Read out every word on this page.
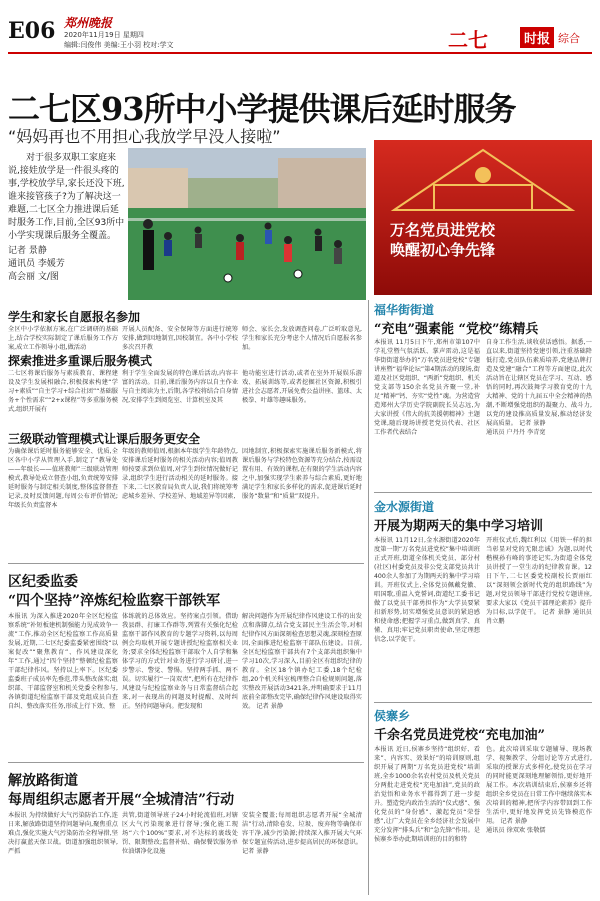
E06 郑州晚报
2020年11月19日 星期四
编辑:闫俊伟 美编:王小羽 校对:学文	二七	时报 综合
二七区93所中小学提供课后延时服务
“妈妈再也不用担心我放学早没人接啦”
对于很多双职工家庭来说,接娃放学是一件很头疼的事,学校放学早,家长还没下班,谁来接管孩子?为了解决这一难题,二七区全力推进课后延时服务工作,目前,全区93所中小学实现课后服务全覆盖。
记者 景静
通讯员 李媛芳
高会丽 文/图
万名党员进党校
唤醒初心争先锋
学生和家长自愿报名参加
全区中小学依据方案,在广泛调研的基础上,结合学校实际制定了课后服务工作方案,成立工作领导小组,做活动
开展人员配备、安全保障等方面进行统筹安排,做到因地制宜,因校制宜。各中小学校多次召开教
师会、家长会,发放调查问卷,广泛听取意见,学生和家长充分考虑个人情况后自愿报名参加。
探索推进多重课后服务模式
二七区将课后服务与素质教育、课程建设及学生发展相融合,积极探索构建“学习+素质”“自主学习+综合社团”“基础服务+个性需求”“2+x课程”等多重服务模式,组织开展有
利于学生全面发展的特色课后活动,内容丰富的活动。目前,课后服务内容以自主作业与自主阅读为主,后期,各学校将结合自身情况,安排学生到阅览室、计算机室及其
他功能室进行活动,或者在室外开展娱乐游戏、拓展训练等,或者挖掘社区资源,积极引进社会志愿者,开展免费公益讲座、篮球、太极拳、叶雄等趣味服务。
三级联动管理模式让课后服务更安全
为确保课后延时服务能够安全、优质,全区各中小学从管理入手,制定了“教导处——年级长——值班教师”三级联动管理模式,教导处成立督查小组,负责统筹安排延时服务与制定相关制度,整体监督督查记录,及时反馈问题,每周公布评价情况;年级长负责监督本
年级的教师值周,根据本年级学生年龄特点,安排课后延时服务的相关活动内容;值周教师按要求到位值周,对学生到位情况做好记录,组织学生进行活动相关的延时服务。接下来,二七区教育局负责人说,我们将统筹考虑城乡差异、学校差异、地域差异等因素,
因地制宜,积极探索实施课后服务新模式,将课后服务与学校特色资源等充分结合,按需设置有用、有效的课程,在有限的学生活动内容之中,加强实现学生素养与综合素质,更好地满足学生和家长多样化的需求,促进课后延时服务“数量”和“质量”双提升。
区纪委监委
“四个坚持”淬炼纪检监察干部铁军
本报讯 为深入推进2020年全区纪检监察系统“补短板建机制强能力见成效争一流”工作,推动全区纪检监察工作高质量发展,近期,二七区纪委监委紧密围绕“以案促改”“聚焦教育”、作风建设深化年”工作,通过“四个坚持”整顿纪检监察干部纪律作风。坚持以上率下。区纪委监委班子成员率先垂范,带头整改落实;组织部、干部监督室和机关党委全程参与,各镇街道纪检监察干部及党组成员自查自纠、整改落实任务,形成上行下效、整
体练就的总体效应。坚持案点引领。借助我县群、打廉工作群等,列置有关强化纪检监察干部作风教育的专题学习资料,以每周例会均取机开展专题讲授纪检监察相关业务;要求全体纪检监察干部取个人自学和集体学习的方式针对业务进行学习研讨,进一步警示、警觉、警惕。坚持两手抓、两不误。切实履行“一岗双责”,把所有在纪律作风建设与纪检监察业务与日常监督结合起来,对一表现出的问题及时提醒、及时纠正。坚持问题导向。把发现和
解决问题作为开展纪律作风建设工作的出发点和落脚点,结合党支部民主生活会等,对相纪律作风方面深刻检查思想灵魂,深刻检查原因,全面推进纪检监察干部队伍建设。目前,全区纪检监察干部共有7个支部共组织集中学习10次,学习深入,目前全区有组织纪律的教育。全区18个镇办纪工委,18个纪检组,20个机关科室梳理整合自检规则问题,落实整改开展活动3421条,并明确要求于11月底前全部整改完毕,确保纪律作风建设取得实效。 记者 景静
解放路街道
每周组织志愿者开展“全城清洁”行动
本报讯 为持续做好大气污染防治工作,连日来,解放路街道坚持问题导向,聚焦重点难点,强化实施大气污染防治全程导措,坚决打赢蓝天保卫战。街道加强组织领导,严抓
共管,街道领导班子24小时轮流值班,对辖区大气污染现象进行督导;强化施工现场“六个100%”要求,对不达标的裹线处罚、限期整改;监督补贴、确保餐饮服务单位油烟净化设施
安装全覆盖;每周组织志愿者开展“全城清洁”行动,清除卷发、垃圾、废弃物等确保市容干净,减少污染源;持续深入推开展大气环保专题宣传活动,进步提高居民的环保意识。 记者 景静
福华街街道
“充电”强素能 “党校”练精兵
本报讯 11月5日下午,郑州市第107中学礼堂暨气氛活跃、掌声雷动,这是福华街街道举办的“万名党员进党校”专题讲座暨“福华论坛”第4期活动的现场,街道及社区党组织、“两新”党组织、机关党支部等150余名党员齐聚一堂,补足“精神”钙、夯实“党性”魂。为营造营造郑州大学历史学院副院长吴志远,为大家讲授《伟大的抗美援朝精神》主题党课,随后现场讲授老党员代表、社区工作者代表结合
自身工作生活,谈收获话感悟。据悉,一直以来,街道坚持党建引领,注重基础降低打造,党员队伍素质培养,党建品牌打造及党建“融合”工程等方面建设,此次活动旨在让辖区党员在学习、互动、感悟的同时,再次鼓舞学习教育党的十九大精神、党的十九届五中全会精神的热潮,不断增强党组织的凝聚力、战斗力,以党的建设推高质量发展,推动经济发展高质量。 记者 景静
通讯员 户丹丹 李青宽
金水源街道
开展为期两天的集中学习培训
本报讯 11月12日,金水源街道2020年度第一期“万名党员进党校”集中培训班正式开班,街道全体机关党员、部分村(社区)村委党员及非公党支部党员共计400余人参加了为期两天的集中学习培训。开班仪式上,全体党员佩戴党徽、唱国歌,重温入党誓词,街道纪工委书记做了以党员干部勇担作为“大学员要紧扣新形势,切实增强党员意识的紧迫感和使命感;把握学习重点,做到真学、真懂、真用;牢记党员职责使命,坚定理想信念,以学促干。
开班仪式后,魏红利以《用铁一样的担当彰显对党的无限忠诚》为题,以时代楷模孙有峰的事迹记实,为街道全体党员讲授了一堂生动的纪律教育课。12日下午,二七区委党校副校长贾丽红以“深刻领会新时代党的组织路线”为题,对党员领导干部进行党校专题讲座,要求大家以《党员干部理论素养》提升为目标,以学促干。 记者 景静 通讯员 肖立鹏
侯寨乡
千余名党员进党校“充电加油”
本报讯 近日,侯寨乡坚持“组织好、看来”、内容实、效果好”的培训原则,组织开展了两期“万名党员进党校”培训班,全乡1000余名农村党员及机关党员分两批走进党校“充电加油”,党员的政治觉悟和业务水平都得到了进一步提升。塑造党内政治生活的“仪式感”、强化党员的“身份感”、激起党员“荣誉感”,让广大党员在全乡经济社会发展中充分发挥“排头兵”和“急先锋”作用。是侯寨乡举办此期培训班的目的和特
色。此次培训采取专题辅导、现场教学、视频教学、分组讨论等方式进行,采取的授课方式多样化,使党员在学习的同时能更深刻地理解领悟,更好地开展工作。本次培训结束后,侯寨乡还将组织全乡党员在日常工作中继续落实本次培训的精神,把所学内容带回到工作生活中,更好地发挥党员先锋模范作用。 记者 景静
通讯员 徐双欢 张敬儒
